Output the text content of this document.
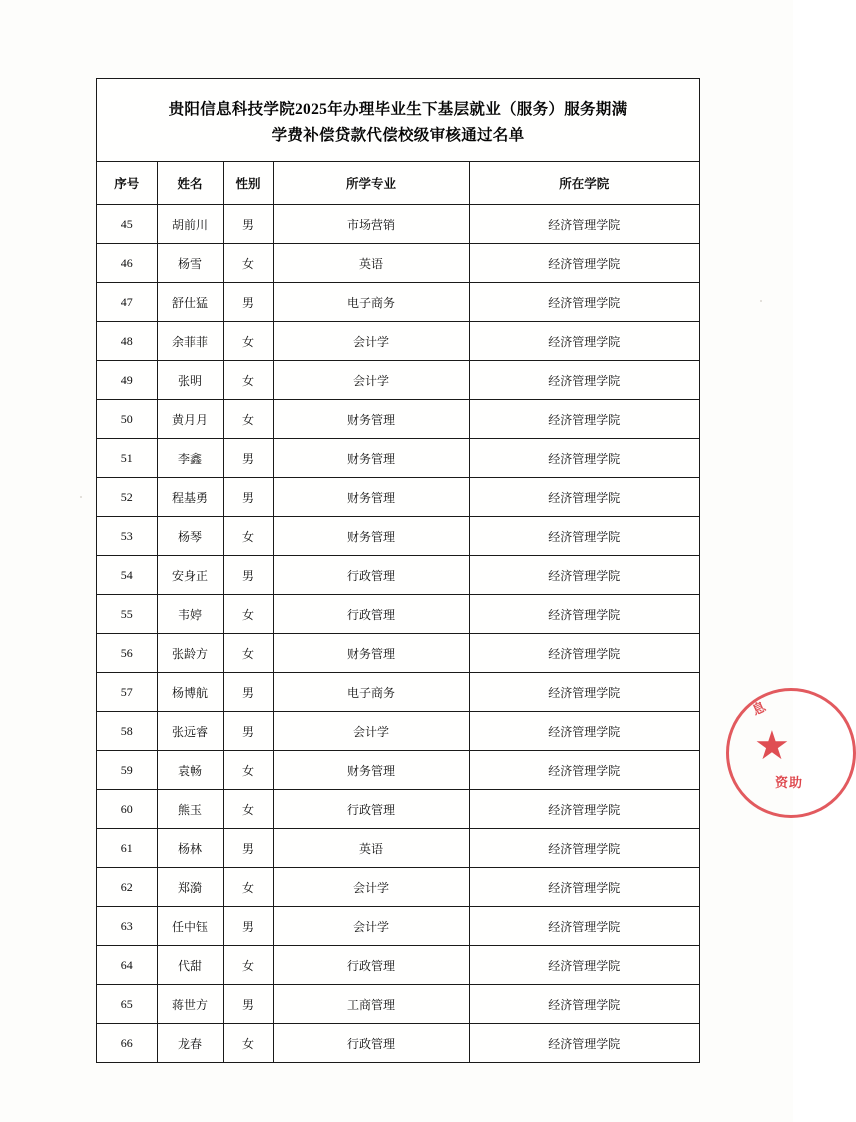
贵阳信息科技学院2025年办理毕业生下基层就业（服务）服务期满
学费补偿贷款代偿校级审核通过名单
序号	姓名	性别	所学专业	所在学院
45	胡前川	男	市场营销	经济管理学院
46	杨雪	女	英语	经济管理学院
47	舒仕猛	男	电子商务	经济管理学院
48	余菲菲	女	会计学	经济管理学院
49	张明	女	会计学	经济管理学院
50	黄月月	女	财务管理	经济管理学院
51	李鑫	男	财务管理	经济管理学院
52	程基勇	男	财务管理	经济管理学院
53	杨琴	女	财务管理	经济管理学院
54	安身正	男	行政管理	经济管理学院
55	韦婷	女	行政管理	经济管理学院
56	张龄方	女	财务管理	经济管理学院
57	杨博航	男	电子商务	经济管理学院
58	张远睿	男	会计学	经济管理学院
59	袁畅	女	财务管理	经济管理学院
60	熊玉	女	行政管理	经济管理学院
61	杨林	男	英语	经济管理学院
62	郑漪	女	会计学	经济管理学院
63	任中钰	男	会计学	经济管理学院
64	代甜	女	行政管理	经济管理学院
65	蒋世方	男	工商管理	经济管理学院
66	龙春	女	行政管理	经济管理学院
息
★
资助
